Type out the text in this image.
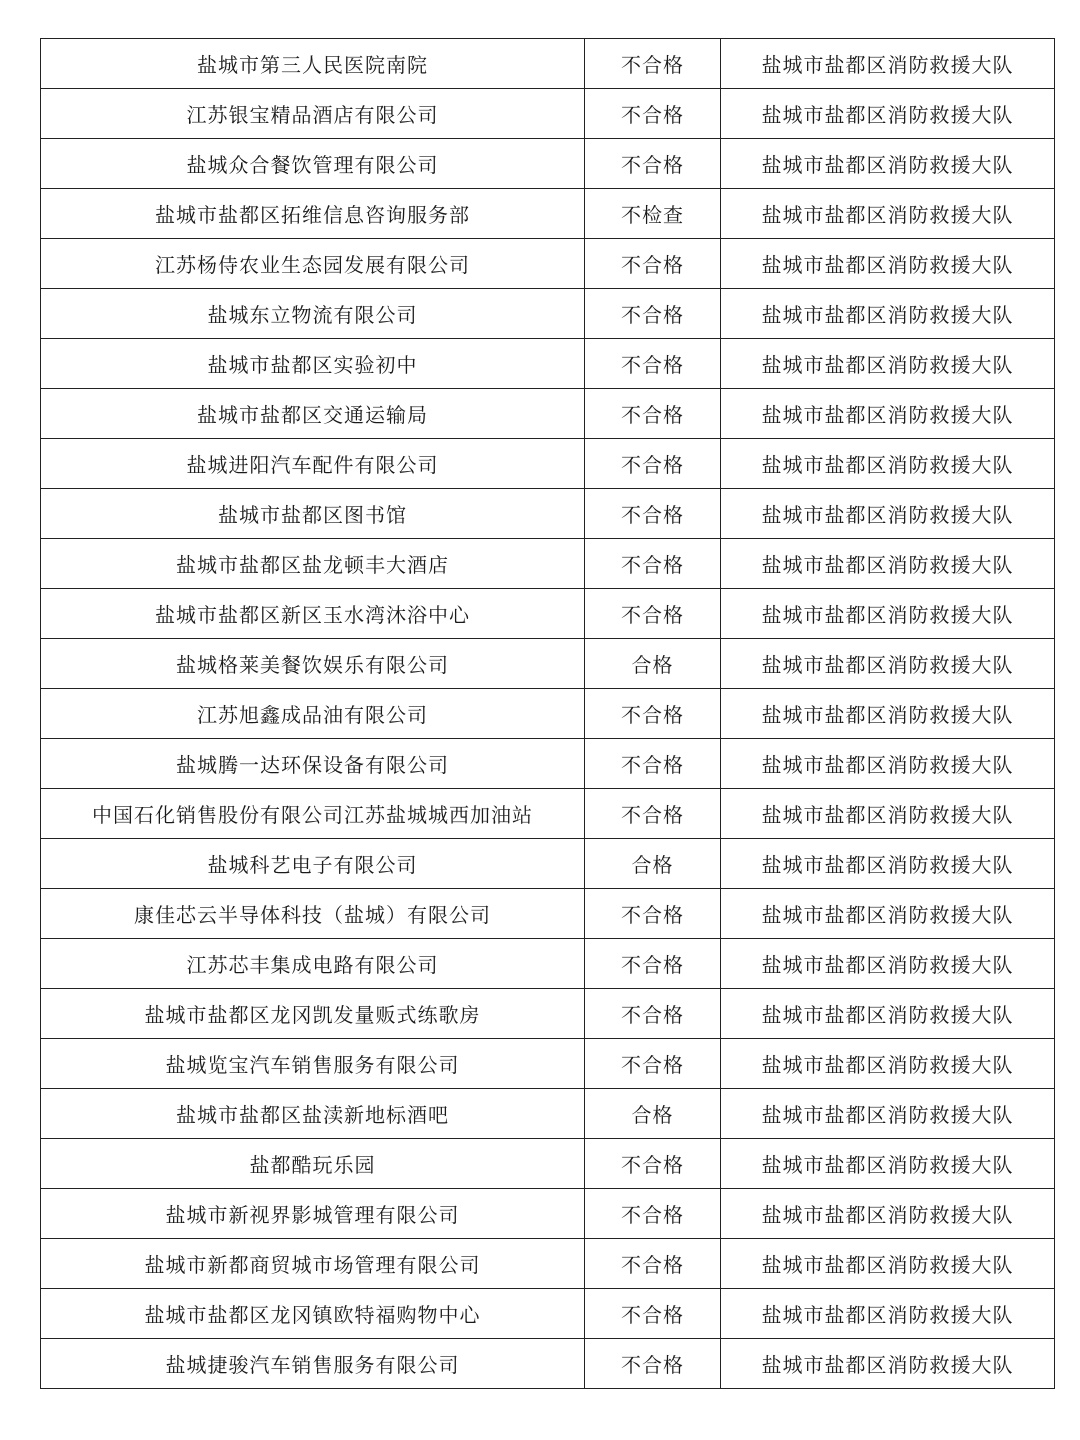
盐城市第三人民医院南院	不合格	盐城市盐都区消防救援大队
江苏银宝精品酒店有限公司	不合格	盐城市盐都区消防救援大队
盐城众合餐饮管理有限公司	不合格	盐城市盐都区消防救援大队
盐城市盐都区拓维信息咨询服务部	不检查	盐城市盐都区消防救援大队
江苏杨侍农业生态园发展有限公司	不合格	盐城市盐都区消防救援大队
盐城东立物流有限公司	不合格	盐城市盐都区消防救援大队
盐城市盐都区实验初中	不合格	盐城市盐都区消防救援大队
盐城市盐都区交通运输局	不合格	盐城市盐都区消防救援大队
盐城进阳汽车配件有限公司	不合格	盐城市盐都区消防救援大队
盐城市盐都区图书馆	不合格	盐城市盐都区消防救援大队
盐城市盐都区盐龙顿丰大酒店	不合格	盐城市盐都区消防救援大队
盐城市盐都区新区玉水湾沐浴中心	不合格	盐城市盐都区消防救援大队
盐城格莱美餐饮娱乐有限公司	合格	盐城市盐都区消防救援大队
江苏旭鑫成品油有限公司	不合格	盐城市盐都区消防救援大队
盐城腾一达环保设备有限公司	不合格	盐城市盐都区消防救援大队
中国石化销售股份有限公司江苏盐城城西加油站	不合格	盐城市盐都区消防救援大队
盐城科艺电子有限公司	合格	盐城市盐都区消防救援大队
康佳芯云半导体科技（盐城）有限公司	不合格	盐城市盐都区消防救援大队
江苏芯丰集成电路有限公司	不合格	盐城市盐都区消防救援大队
盐城市盐都区龙冈凯发量贩式练歌房	不合格	盐城市盐都区消防救援大队
盐城览宝汽车销售服务有限公司	不合格	盐城市盐都区消防救援大队
盐城市盐都区盐渎新地标酒吧	合格	盐城市盐都区消防救援大队
盐都酷玩乐园	不合格	盐城市盐都区消防救援大队
盐城市新视界影城管理有限公司	不合格	盐城市盐都区消防救援大队
盐城市新都商贸城市场管理有限公司	不合格	盐城市盐都区消防救援大队
盐城市盐都区龙冈镇欧特福购物中心	不合格	盐城市盐都区消防救援大队
盐城捷骏汽车销售服务有限公司	不合格	盐城市盐都区消防救援大队
